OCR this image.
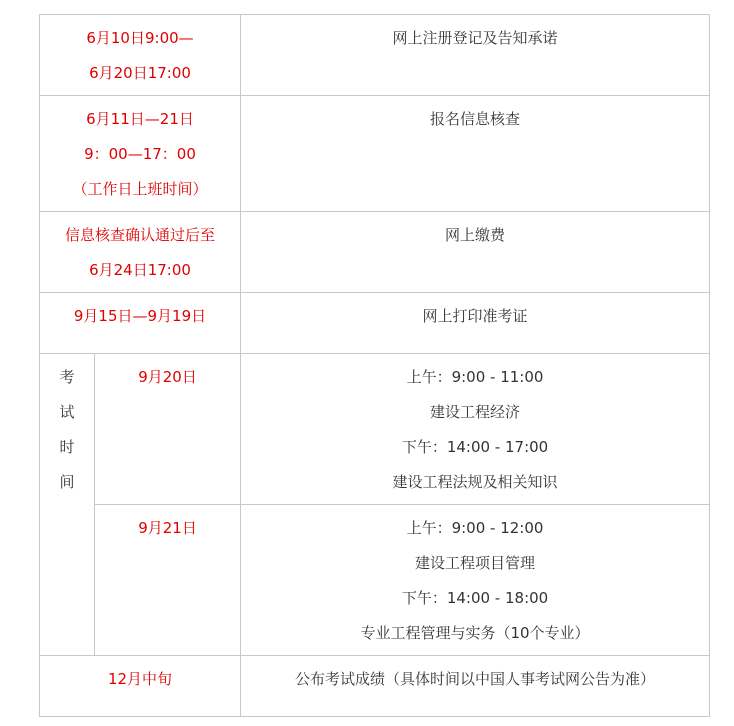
6月10日9:00—
6月20日17:00		网上注册登记及告知承诺

6月11日—21日
9：00—17：00
（工作日上班时间）		报名信息核查

信息核查确认通过后至
6月24日17:00		网上缴费

9月15日—9月19日		网上打印准考证

考
试
时
间	9月20日	上午：9:00 - 11:00
建设工程经济
下午：14:00 - 17:00
建设工程法规及相关知识

	9月21日	上午：9:00 - 12:00
建设工程项目管理
下午：14:00 - 18:00
专业工程管理与实务（10个专业）

12月中旬		公布考试成绩（具体时间以中国人事考试网公告为准）
